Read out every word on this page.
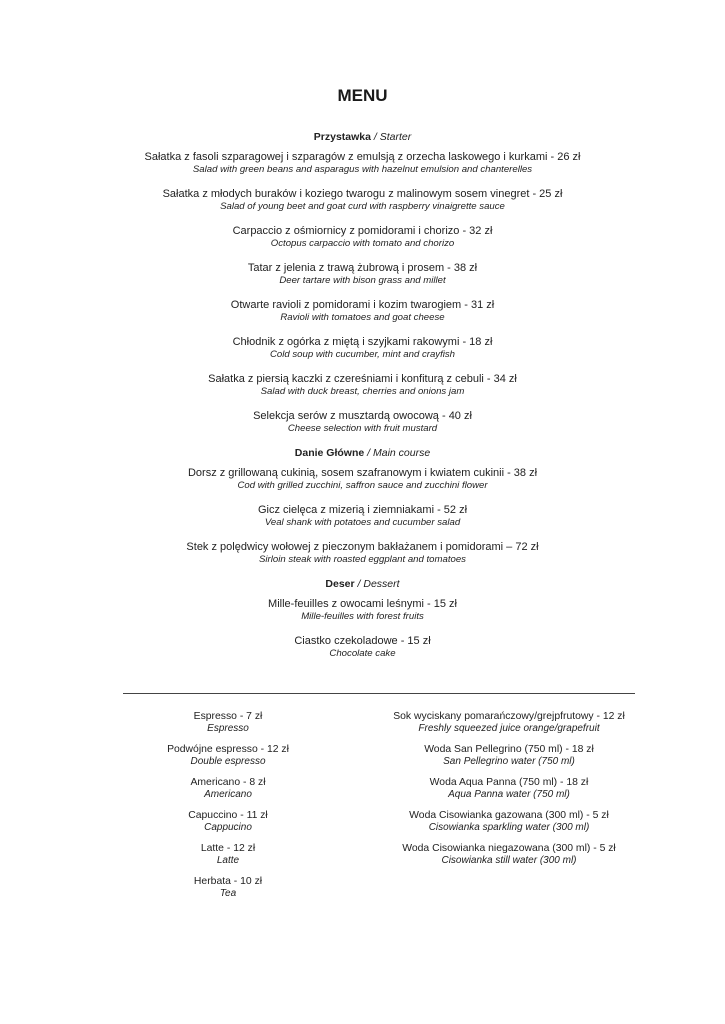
MENU
Przystawka / Starter
Sałatka z fasoli szparagowej i szparagów z emulsją z orzecha laskowego i kurkami - 26 zł
Salad with green beans and asparagus with hazelnut emulsion and chanterelles
Sałatka z młodych buraków i koziego twarogu z malinowym sosem vinegret - 25 zł
Salad of young beet and goat curd with raspberry vinaigrette sauce
Carpaccio z ośmiornicy z pomidorami i chorizo - 32 zł
Octopus carpaccio with tomato and chorizo
Tatar z jelenia z trawą żubrową i prosem - 38 zł
Deer tartare with bison grass and millet
Otwarte ravioli z pomidorami i kozim twarogiem - 31 zł
Ravioli with tomatoes and goat cheese
Chłodnik z ogórka z miętą i szyjkami rakowymi - 18 zł
Cold soup with cucumber, mint and crayfish
Sałatka z piersią kaczki z czereśniami i konfiturą z cebuli - 34 zł
Salad with duck breast, cherries and onions jam
Selekcja serów z musztardą owocową - 40 zł
Cheese selection with fruit mustard
Danie Główne / Main course
Dorsz z grillowaną cukinią, sosem szafranowym i kwiatem cukinii - 38 zł
Cod with grilled zucchini, saffron sauce and zucchini flower
Gicz cielęca z mizerią i ziemniakami - 52 zł
Veal shank with potatoes and cucumber salad
Stek z polędwicy wołowej z pieczonym bakłażanem i pomidorami – 72 zł
Sirloin steak with roasted eggplant and tomatoes
Deser / Dessert
Mille-feuilles z owocami leśnymi - 15 zł
Mille-feuilles with forest fruits
Ciastko czekoladowe - 15 zł
Chocolate cake
Espresso - 7 zł
Espresso
Podwójne espresso - 12 zł
Double espresso
Americano - 8 zł
Americano
Capuccino - 11 zł
Cappucino
Latte - 12 zł
Latte
Herbata - 10 zł
Tea
Sok wyciskany pomarańczowy/grejpfrutowy - 12 zł
Freshly squeezed juice orange/grapefruit
Woda San Pellegrino (750 ml) - 18 zł
San Pellegrino water (750 ml)
Woda Aqua Panna (750 ml) - 18 zł
Aqua Panna water (750 ml)
Woda Cisowianka gazowana (300 ml) - 5 zł
Cisowianka sparkling water (300 ml)
Woda Cisowianka niegazowana (300 ml) - 5 zł
Cisowianka still water (300 ml)
